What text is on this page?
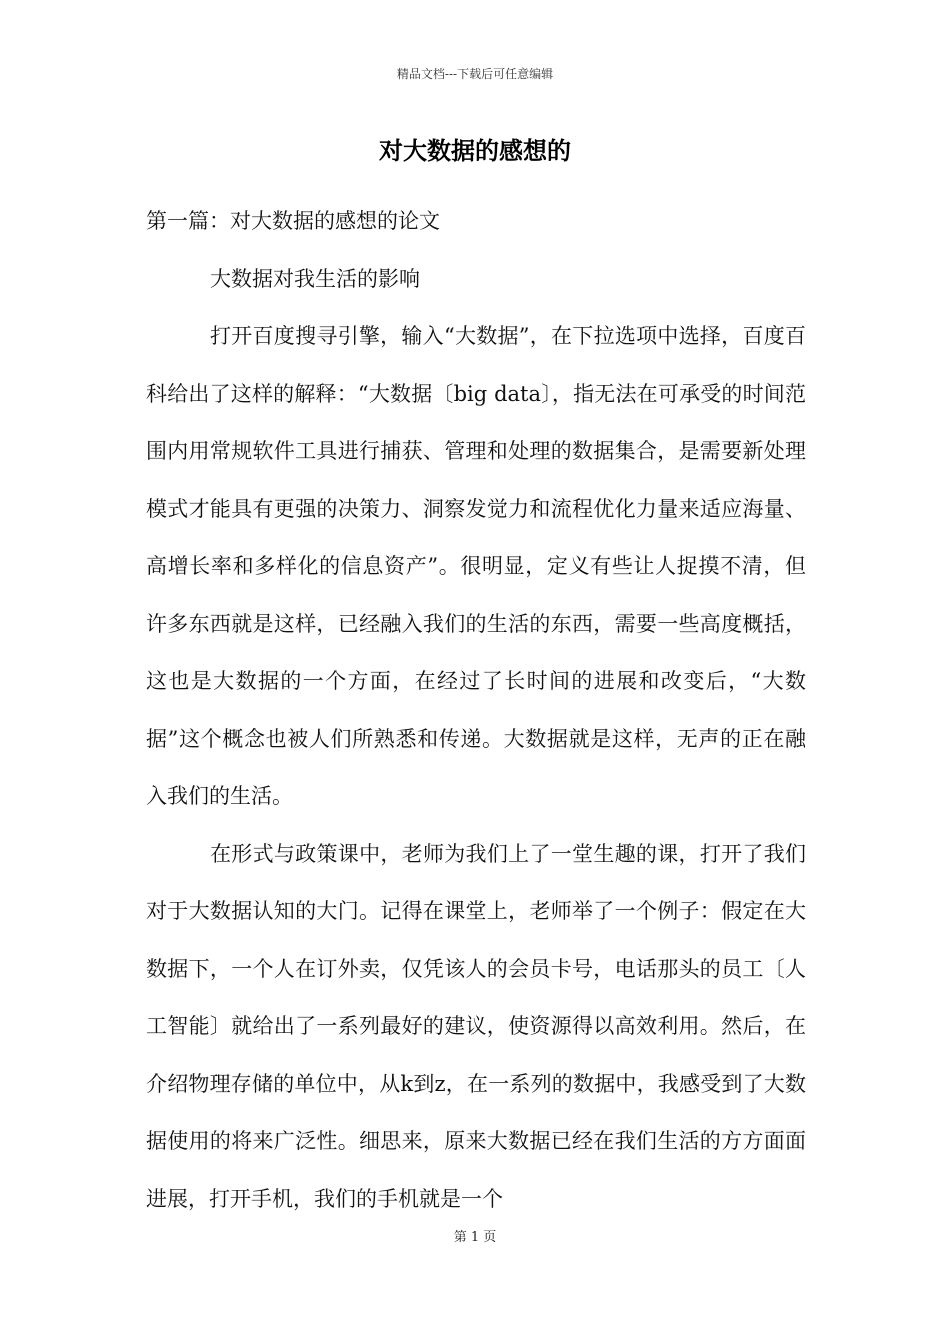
精品文档---下载后可任意编辑
对大数据的感想的

第一篇：对大数据的感想的论文

大数据对我生活的影响

打开百度搜寻引擎，输入“大数据”，在下拉选项中选择，百度百科给出了这样的解释：“大数据〔big data〕，指无法在可承受的时间范围内用常规软件工具进行捕获、管理和处理的数据集合，是需要新处理模式才能具有更强的决策力、洞察发觉力和流程优化力量来适应海量、高增长率和多样化的信息资产”。很明显，定义有些让人捉摸不清，但许多东西就是这样，已经融入我们的生活的东西，需要一些高度概括，这也是大数据的一个方面，在经过了长时间的进展和改变后，“大数据”这个概念也被人们所熟悉和传递。大数据就是这样，无声的正在融入我们的生活。

在形式与政策课中，老师为我们上了一堂生趣的课，打开了我们对于大数据认知的大门。记得在课堂上，老师举了一个例子：假定在大数据下，一个人在订外卖，仅凭该人的会员卡号，电话那头的员工〔人工智能〕就给出了一系列最好的建议，使资源得以高效利用。然后，在介绍物理存储的单位中，从k到z，在一系列的数据中，我感受到了大数据使用的将来广泛性。细思来，原来大数据已经在我们生活的方方面面进展，打开手机，我们的手机就是一个

第 1 页
